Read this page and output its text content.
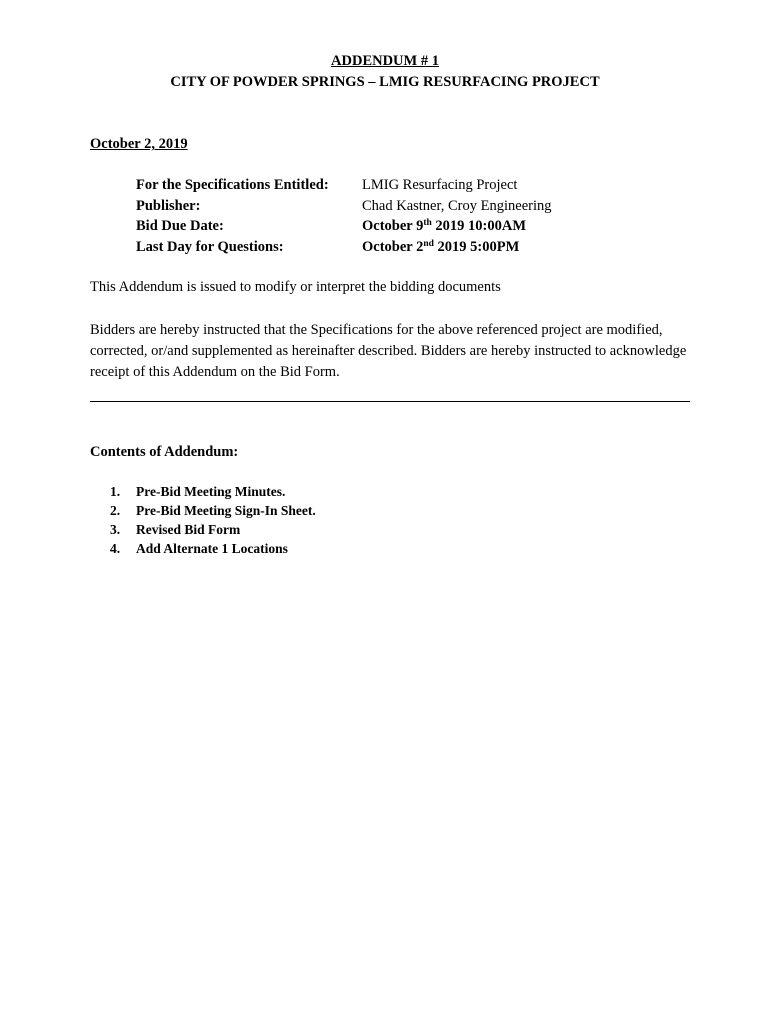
ADDENDUM # 1
CITY OF POWDER SPRINGS – LMIG RESURFACING PROJECT
October 2, 2019
For the Specifications Entitled:	LMIG Resurfacing Project
Publisher:	Chad Kastner, Croy Engineering
Bid Due Date:	October 9th 2019 10:00AM
Last Day for Questions:	October 2nd 2019 5:00PM
This Addendum is issued to modify or interpret the bidding documents
Bidders are hereby instructed that the Specifications for the above referenced project are modified, corrected, or/and supplemented as hereinafter described. Bidders are hereby instructed to acknowledge receipt of this Addendum on the Bid Form.
Contents of Addendum:
1.	Pre-Bid Meeting Minutes.
2.	Pre-Bid Meeting Sign-In Sheet.
3.	Revised Bid Form
4.	Add Alternate 1 Locations
